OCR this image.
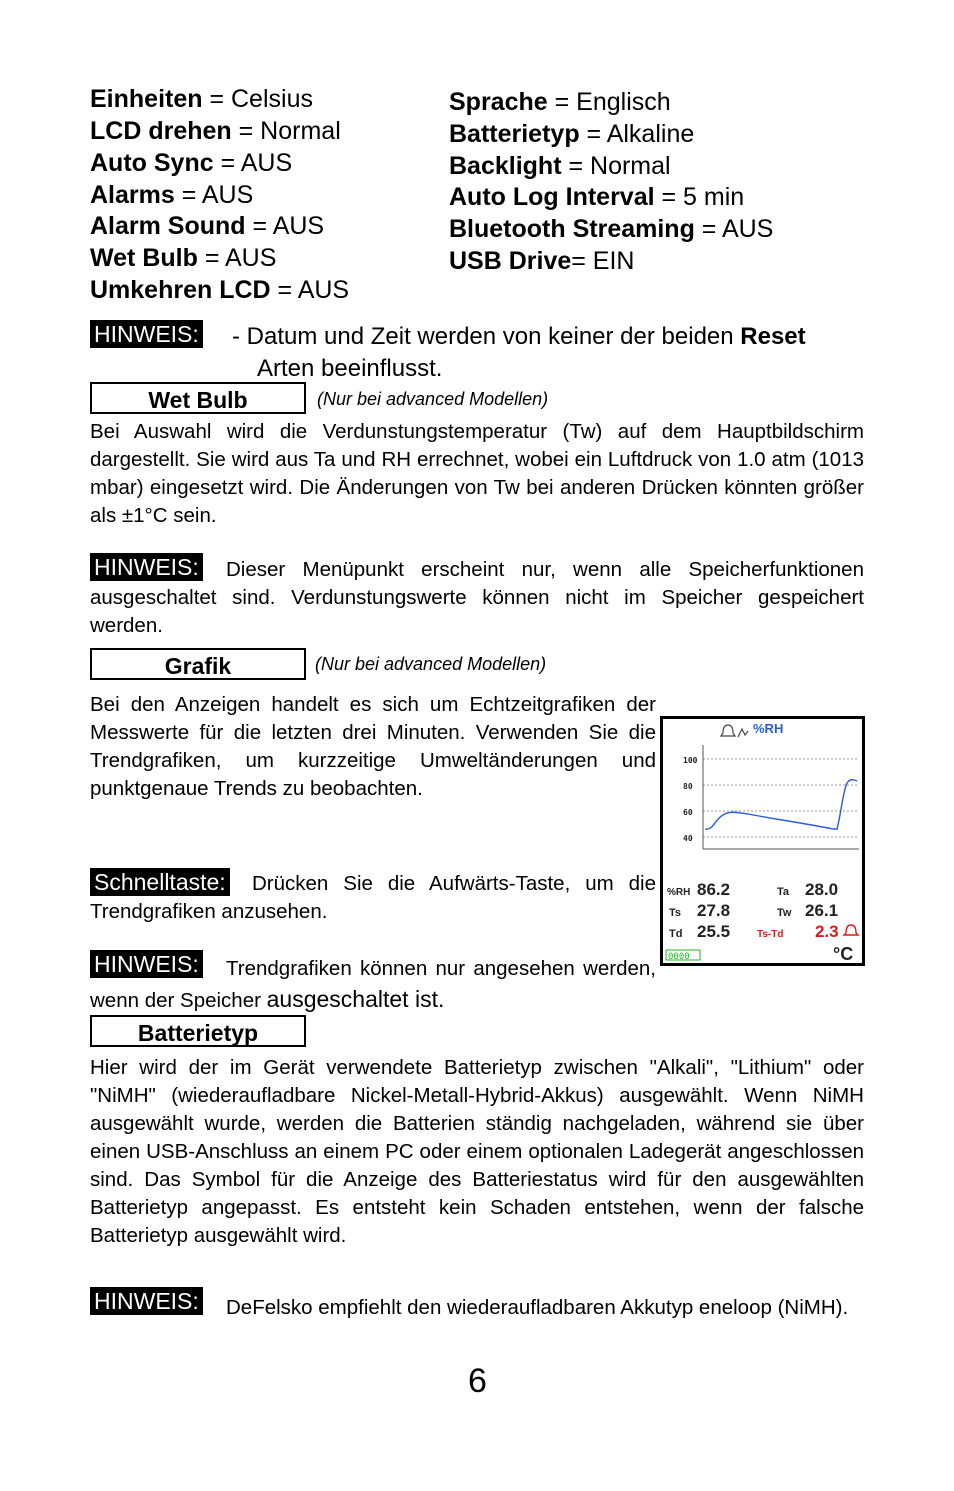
Einheiten = Celsius
LCD drehen = Normal
Auto Sync = AUS
Alarms = AUS
Alarm Sound = AUS
Wet Bulb = AUS
Umkehren LCD = AUS
Sprache = Englisch
Batterietyp = Alkaline
Backlight = Normal
Auto Log Interval = 5 min
Bluetooth Streaming = AUS
USB Drive= EIN
HINWEIS: - Datum und Zeit werden von keiner der beiden Reset
Arten beeinflusst.
Wet Bulb	(Nur bei advanced Modellen)
Bei Auswahl wird die Verdunstungstemperatur (Tw) auf dem Hauptbildschirm dargestellt. Sie wird aus Ta und RH errechnet, wobei ein Luftdruck von 1.0 atm (1013 mbar) eingesetzt wird. Die Änderungen von Tw bei anderen Drücken könnten größer als ±1°C sein.
HINWEIS:	Dieser Menüpunkt erscheint nur, wenn alle Speicherfunktionen ausgeschaltet sind. Verdunstungswerte können nicht im Speicher gespeichert werden.
Grafik	(Nur bei advanced Modellen)
Bei den Anzeigen handelt es sich um Echtzeitgrafiken der Messwerte für die letzten drei Minuten. Verwenden Sie die Trendgrafiken, um kurzzeitige Umweltänderungen und punktgenaue Trends zu beobachten.
Schnelltaste:	Drücken Sie die Aufwärts-Taste, um die Trendgrafiken anzusehen.
HINWEIS:	Trendgrafiken können nur angesehen werden, wenn der Speicher ausgeschaltet ist.
%RH
100
80
60
40
%RH 86.2	Ta 28.0
Ts 27.8	Tw 26.1
Td 25.5	Ts-Td 2.3
0000	°C
Batterietyp
Hier wird der im Gerät verwendete Batterietyp zwischen "Alkali", "Lithium" oder "NiMH" (wiederaufladbare Nickel-Metall-Hybrid-Akkus) ausgewählt. Wenn NiMH ausgewählt wurde, werden die Batterien ständig nachgeladen, während sie über einen USB-Anschluss an einem PC oder einem optionalen Ladegerät angeschlossen sind. Das Symbol für die Anzeige des Batteriestatus wird für den ausgewählten Batterietyp angepasst. Es entsteht kein Schaden entstehen, wenn der falsche Batterietyp ausgewählt wird.
HINWEIS:	DeFelsko empfiehlt den wiederaufladbaren Akkutyp eneloop (NiMH).
6
